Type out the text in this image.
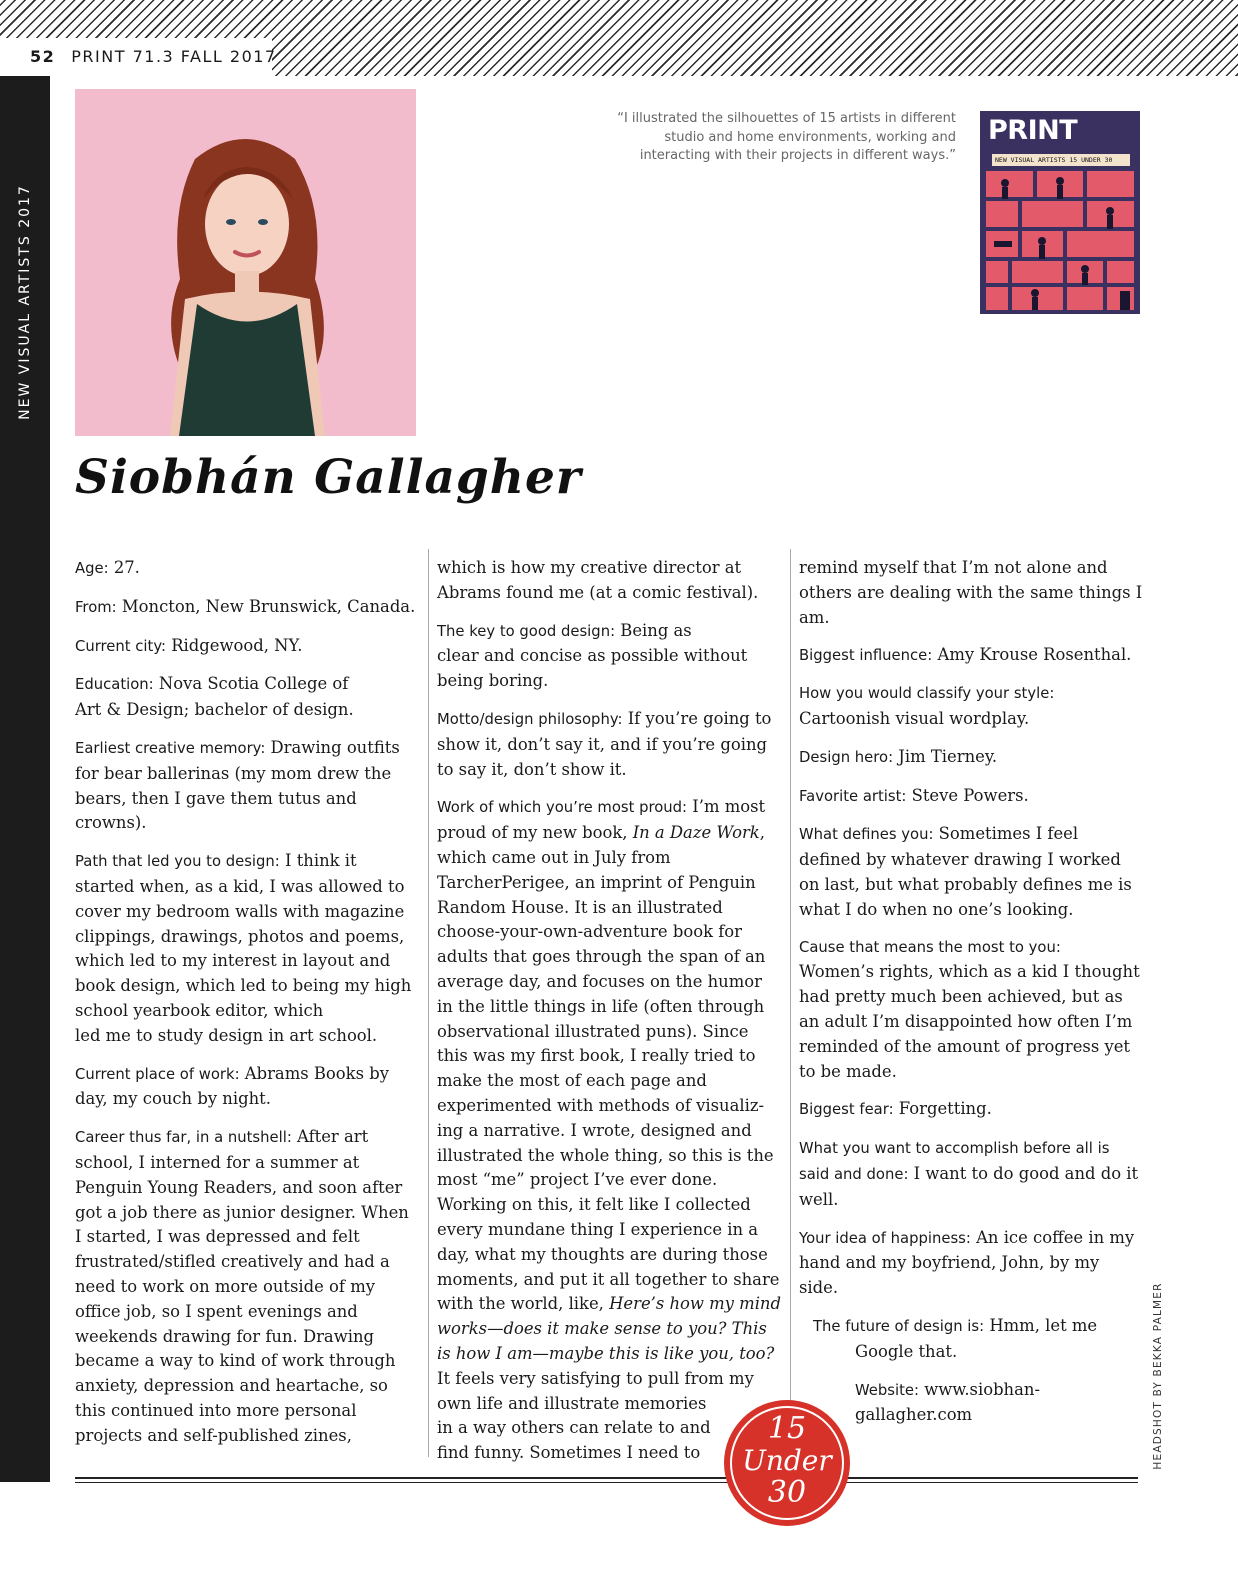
52 PRINT 71.3 FALL 2017
NEW VISUAL ARTISTS 2017
“I illustrated the silhouettes of 15 artists in different studio and home environments, working and interacting with their projects in different ways.”
PRINT
NEW VISUAL ARTISTS 15 UNDER 30
Siobhán Gallagher

Age: 27.

From: Moncton, New Brunswick, Canada.

Current city: Ridgewood, NY.

Education: Nova Scotia College of
Art & Design; bachelor of design.

Earliest creative memory: Drawing outfits for bear ballerinas (my mom drew the bears, then I gave them tutus and crowns).

Path that led you to design: I think it started when, as a kid, I was allowed to cover my bedroom walls with magazine clippings, drawings, photos and poems, which led to my interest in layout and book design, which led to being my high school yearbook editor, which
led me to study design in art school.

Current place of work: Abrams Books by day, my couch by night.

Career thus far, in a nutshell: After art school, I interned for a summer at Penguin Young Readers, and soon after got a job there as junior designer. When I started, I was depressed and felt frustrated/stifled creatively and had a need to work on more outside of my office job, so I spent evenings and weekends drawing for fun. Drawing became a way to kind of work through anxiety, depression and heartache, so this continued into more personal projects and self-published zines,

which is how my creative director at Abrams found me (at a comic festival).

The key to good design: Being as
clear and concise as possible without being boring.

Motto/design philosophy: If you’re going to show it, don’t say it, and if you’re going to say it, don’t show it.

Work of which you’re most proud: I’m most proud of my new book, In a Daze Work, which came out in July from TarcherPerigee, an imprint of Penguin Random House. It is an illustrated choose-your-own-adventure book for adults that goes through the span of an average day, and focuses on the humor in the little things in life (often through observational illustrated puns). Since this was my first book, I really tried to make the most of each page and experimented with methods of visualiz-ing a narrative. I wrote, designed and illustrated the whole thing, so this is the most “me” project I’ve ever done. Working on this, it felt like I collected every mundane thing I experience in a day, what my thoughts are during those moments, and put it all together to share with the world, like, Here’s how my mind works—does it make sense to you? This is how I am—maybe this is like you, too? It feels very satisfying to pull from my own life and illustrate memories
in a way others can relate to and
find funny. Sometimes I need to

remind myself that I’m not alone and others are dealing with the same things I am.

Biggest influence: Amy Krouse Rosenthal.

How you would classify your style:
Cartoonish visual wordplay.

Design hero: Jim Tierney.

Favorite artist: Steve Powers.

What defines you: Sometimes I feel defined by whatever drawing I worked on last, but what probably defines me is what I do when no one’s looking.

Cause that means the most to you:
Women’s rights, which as a kid I thought had pretty much been achieved, but as an adult I’m disappointed how often I’m reminded of the amount of progress yet to be made.

Biggest fear: Forgetting.

What you want to accomplish before all is said and done: I want to do good and do it well.

Your idea of happiness: An ice coffee in my hand and my boyfriend, John, by my side.

The future of design is: Hmm, let me
Google that.

Website: www.siobhan-
gallagher.com	HEADSHOT BY BEKKA PALMER
15
Under
30
